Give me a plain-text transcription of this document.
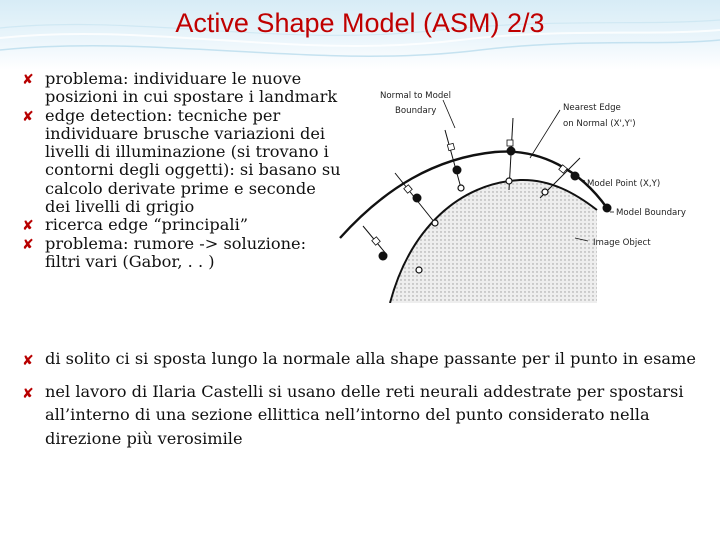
Active Shape Model (ASM) 2/3
✘ problema: individuare le nuove posizioni in cui spostare i landmark
✘ edge detection: tecniche per individuare brusche variazioni dei livelli di illuminazione (si trovano i contorni degli oggetti): si basano su calcolo derivate prime e seconde dei livelli di grigio
✘ ricerca edge “principali”
✘ problema: rumore -> soluzione: filtri vari (Gabor, . . )
Normal to Model
Boundary	Nearest Edge
on Normal (X',Y')
Model Point (X,Y)
Model Boundary
Image Object
✘ di solito ci si sposta lungo la normale alla shape passante per il punto in esame
✘ nel lavoro di Ilaria Castelli si usano delle reti neurali addestrate per spostarsi all’interno di una sezione ellittica nell’intorno del punto considerato nella direzione più verosimile
